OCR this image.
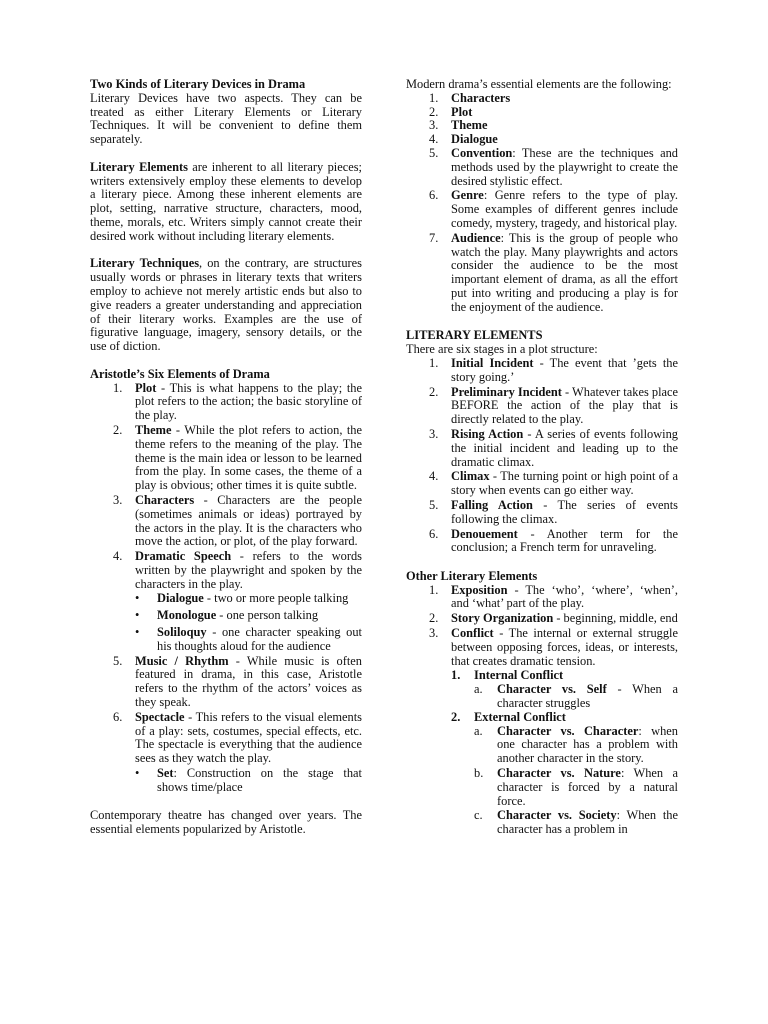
Two Kinds of Literary Devices in Drama

Literary Devices have two aspects. They can be treated as either Literary Elements or Literary Techniques. It will be convenient to define them separately.

Literary Elements are inherent to all literary pieces; writers extensively employ these elements to develop a literary piece. Among these inherent elements are plot, setting, narrative structure, characters, mood, theme, morals, etc. Writers simply cannot create their desired work without including literary elements.

Literary Techniques, on the contrary, are structures usually words or phrases in literary texts that writers employ to achieve not merely artistic ends but also to give readers a greater understanding and appreciation of their literary works. Examples are the use of figurative language, imagery, sensory details, or the use of diction.

Aristotle’s Six Elements of Drama

1.	Plot - This is what happens to the play; the plot refers to the action; the basic storyline of the play.
2.	Theme - While the plot refers to action, the theme refers to the meaning of the play. The theme is the main idea or lesson to be learned from the play. In some cases, the theme of a play is obvious; other times it is quite subtle.
3.	Characters - Characters are the people (sometimes animals or ideas) portrayed by the actors in the play. It is the characters who move the action, or plot, of the play forward.
4.	Dramatic Speech - refers to the words written by the playwright and spoken by the characters in the play.
•	Dialogue - two or more people talking
•	Monologue - one person talking
•	Soliloquy - one character speaking out his thoughts aloud for the audience
5.	Music / Rhythm - While music is often featured in drama, in this case, Aristotle refers to the rhythm of the actors’ voices as they speak.
6.	Spectacle - This refers to the visual elements of a play: sets, costumes, special effects, etc. The spectacle is everything that the audience sees as they watch the play.
•	Set: Construction on the stage that shows time/place

Contemporary theatre has changed over years. The essential elements popularized by Aristotle.

Modern drama’s essential elements are the following:

1.	Characters
2.	Plot
3.	Theme
4.	Dialogue
5.	Convention: These are the techniques and methods used by the playwright to create the desired stylistic effect.
6.	Genre: Genre refers to the type of play. Some examples of different genres include comedy, mystery, tragedy, and historical play.
7.	Audience: This is the group of people who watch the play. Many playwrights and actors consider the audience to be the most important element of drama, as all the effort put into writing and producing a play is for the enjoyment of the audience.

LITERARY ELEMENTS

There are six stages in a plot structure:

1.	Initial Incident - The event that ’gets the story going.’
2.	Preliminary Incident - Whatever takes place BEFORE the action of the play that is directly related to the play.
3.	Rising Action - A series of events following the initial incident and leading up to the dramatic climax.
4.	Climax - The turning point or high point of a story when events can go either way.
5.	Falling Action - The series of events following the climax.
6.	Denouement - Another term for the conclusion; a French term for unraveling.

Other Literary Elements

1.	Exposition - The ‘who’, ‘where’, ‘when’, and ‘what’ part of the play.
2.	Story Organization - beginning, middle, end
3.	Conflict - The internal or external struggle between opposing forces, ideas, or interests, that creates dramatic tension.
1.	Internal Conflict
a.	Character vs. Self - When a character struggles
2.	External Conflict
a.	Character vs. Character: when one character has a problem with another character in the story.
b.	Character vs. Nature: When a character is forced by a natural force.
c.	Character vs. Society: When the character has a problem in
